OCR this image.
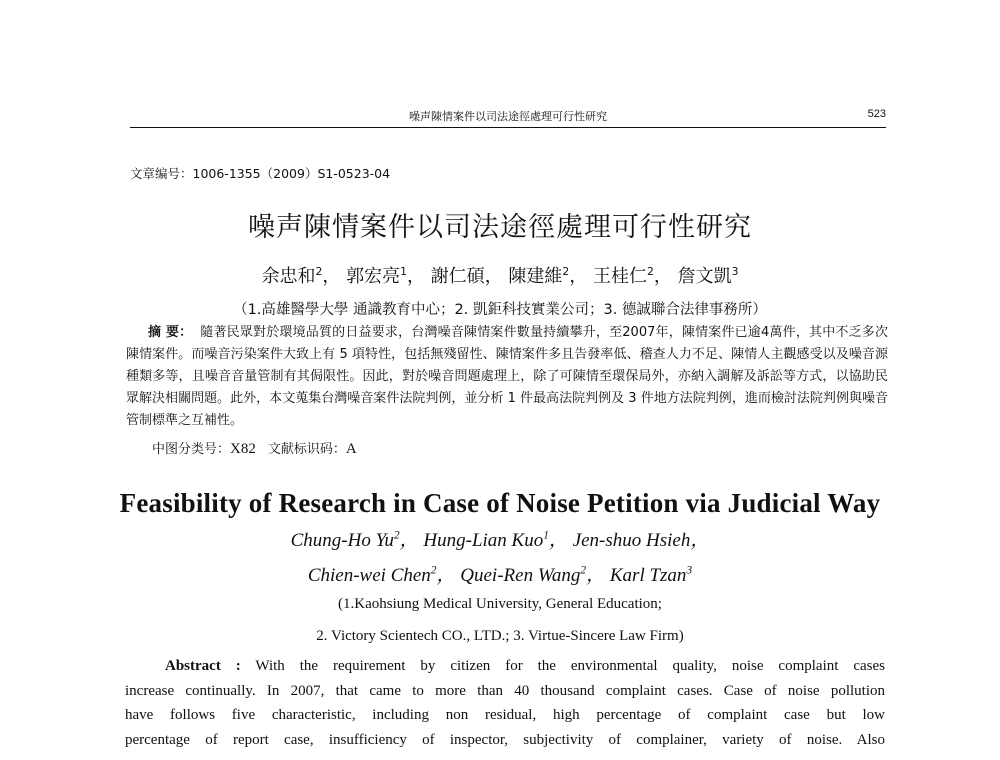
噪声陳情案件以司法途徑處理可行性研究	523
文章编号：1006-1355（2009）S1-0523-04
噪声陳情案件以司法途徑處理可行性研究
余忠和$^2$， 郭宏亮$^1$， 謝仁碩， 陳建維$^2$， 王桂仁$^2$， 詹文凱$^3$
（1.高雄醫學大學 通識教育中心；2. 凱鉅科技實業公司；3. 德誠聯合法律事務所）
摘 要： 隨著民眾對於環境品質的日益要求，台灣噪音陳情案件數量持續攀升，至2007年，陳情案件已逾4萬件，其中不乏多次陳情案件。而噪音污染案件大致上有 5 項特性，包括無殘留性、陳情案件多且告發率低、稽查人力不足、陳情人主觀感受以及噪音源種類多等，且噪音音量管制有其侷限性。因此，對於噪音問題處理上，除了可陳情至環保局外，亦納入調解及訴訟等方式，以協助民眾解決相關問題。此外，本文蒐集台灣噪音案件法院判例，並分析 1 件最高法院判例及 3 件地方法院判例，進而檢討法院判例與噪音管制標準之互補性。
中图分类号：X82 文献标识码：A
Feasibility of Research in Case of Noise Petition via Judicial Way
Chung-Ho Yu$^2$， Hung-Lian Kuo$^1$， Jen-shuo Hsieh，
Chien-wei Chen$^2$， Quei-Ren Wang$^2$， Karl Tzan$^3$
(1.Kaohsiung Medical University, General Education;
2. Victory Scientech CO., LTD.; 3. Virtue-Sincere Law Firm)
Abstract : With the requirement by citizen for the environmental quality, noise complaint cases
increase continually. In 2007, that came to more than 40 thousand complaint cases. Case of noise pollution
have follows five characteristic, including non residual, high percentage of complaint case but low
percentage of report case, insufficiency of inspector, subjectivity of complainer, variety of noise. Also
